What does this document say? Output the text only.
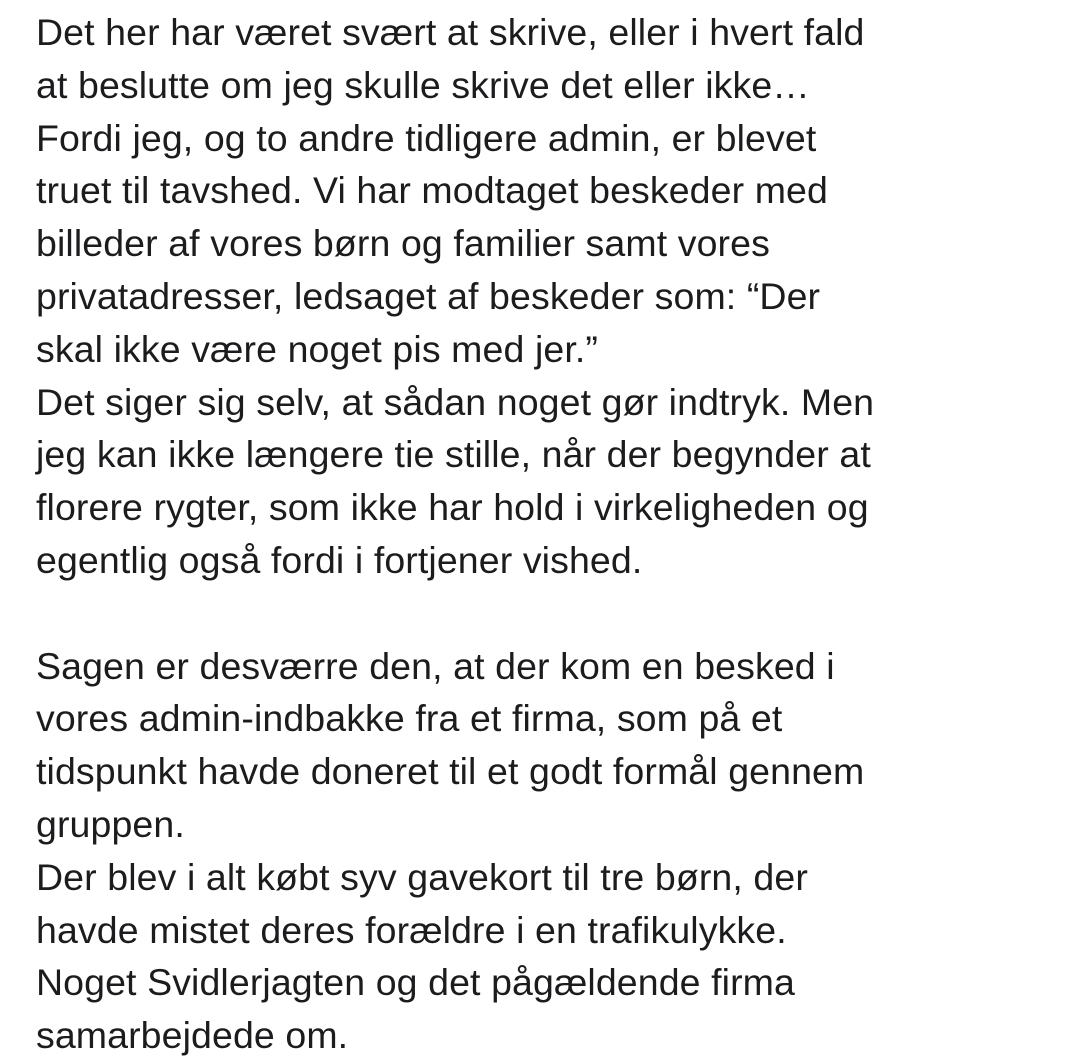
Det her har været svært at skrive, eller i hvert fald
at beslutte om jeg skulle skrive det eller ikke…
Fordi jeg, og to andre tidligere admin, er blevet
truet til tavshed. Vi har modtaget beskeder med
billeder af vores børn og familier samt vores
privatadresser, ledsaget af beskeder som: “Der
skal ikke være noget pis med jer.”
Det siger sig selv, at sådan noget gør indtryk. Men
jeg kan ikke længere tie stille, når der begynder at
florere rygter, som ikke har hold i virkeligheden og
egentlig også fordi i fortjener vished.
Sagen er desværre den, at der kom en besked i
vores admin-indbakke fra et firma, som på et
tidspunkt havde doneret til et godt formål gennem
gruppen.
Der blev i alt købt syv gavekort til tre børn, der
havde mistet deres forældre i en trafikulykke.
Noget Svidlerjagten og det pågældende firma
samarbejdede om.
